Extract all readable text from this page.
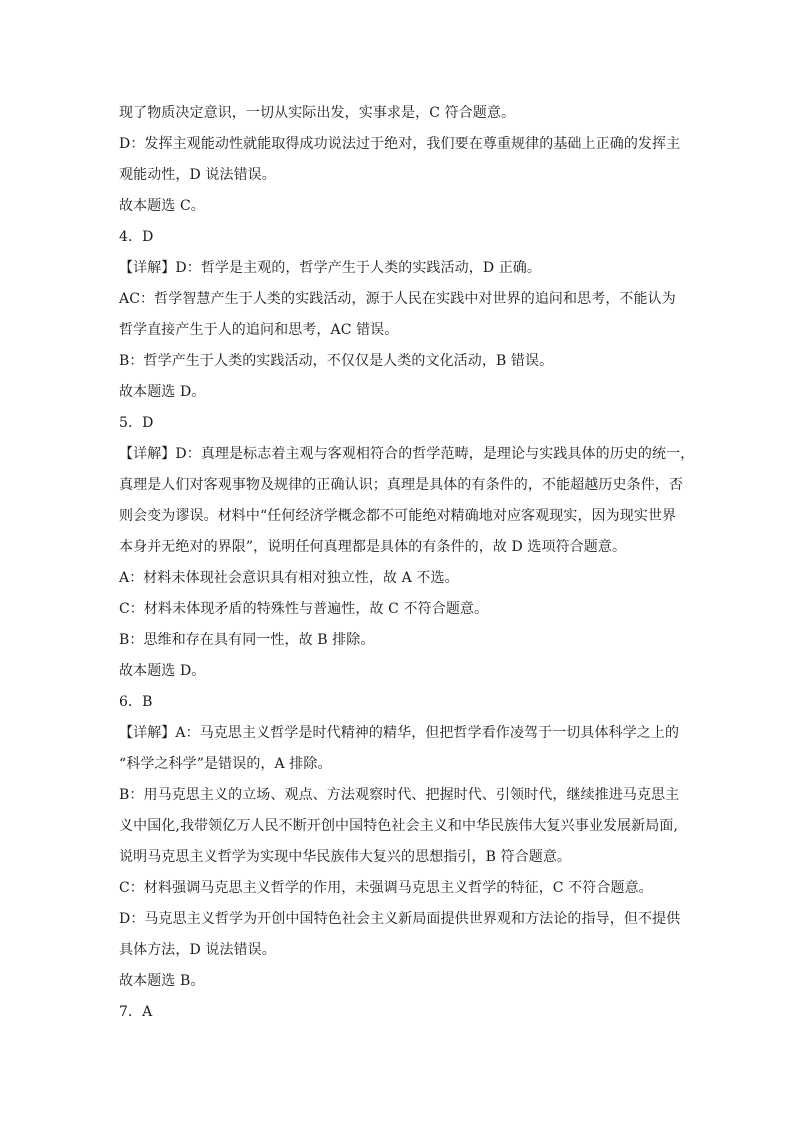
现了物质决定意识，一切从实际出发，实事求是，C 符合题意。
D：发挥主观能动性就能取得成功说法过于绝对，我们要在尊重规律的基础上正确的发挥主
观能动性，D 说法错误。
故本题选 C。
4．D
【详解】D：哲学是主观的，哲学产生于人类的实践活动，D 正确。
AC：哲学智慧产生于人类的实践活动，源于人民在实践中对世界的追问和思考，不能认为
哲学直接产生于人的追问和思考，AC 错误。
B：哲学产生于人类的实践活动，不仅仅是人类的文化活动，B 错误。
故本题选 D。
5．D
【详解】D：真理是标志着主观与客观相符合的哲学范畴，是理论与实践具体的历史的统一，
真理是人们对客观事物及规律的正确认识；真理是具体的有条件的，不能超越历史条件，否
则会变为谬误。材料中“任何经济学概念都不可能绝对精确地对应客观现实，因为现实世界
本身并无绝对的界限”，说明任何真理都是具体的有条件的，故 D 选项符合题意。
A：材料未体现社会意识具有相对独立性，故 A 不选。
C：材料未体现矛盾的特殊性与普遍性，故 C 不符合题意。
B：思维和存在具有同一性，故 B 排除。
故本题选 D。
6．B
【详解】A：马克思主义哲学是时代精神的精华，但把哲学看作凌驾于一切具体科学之上的
“科学之科学”是错误的，A 排除。
B：用马克思主义的立场、观点、方法观察时代、把握时代、引领时代，继续推进马克思主
义中国化,我带领亿万人民不断开创中国特色社会主义和中华民族伟大复兴事业发展新局面,
说明马克思主义哲学为实现中华民族伟大复兴的思想指引，B 符合题意。
C：材料强调马克思主义哲学的作用，未强调马克思主义哲学的特征，C 不符合题意。
D：马克思主义哲学为开创中国特色社会主义新局面提供世界观和方法论的指导，但不提供
具体方法，D 说法错误。
故本题选 B。
7．A
